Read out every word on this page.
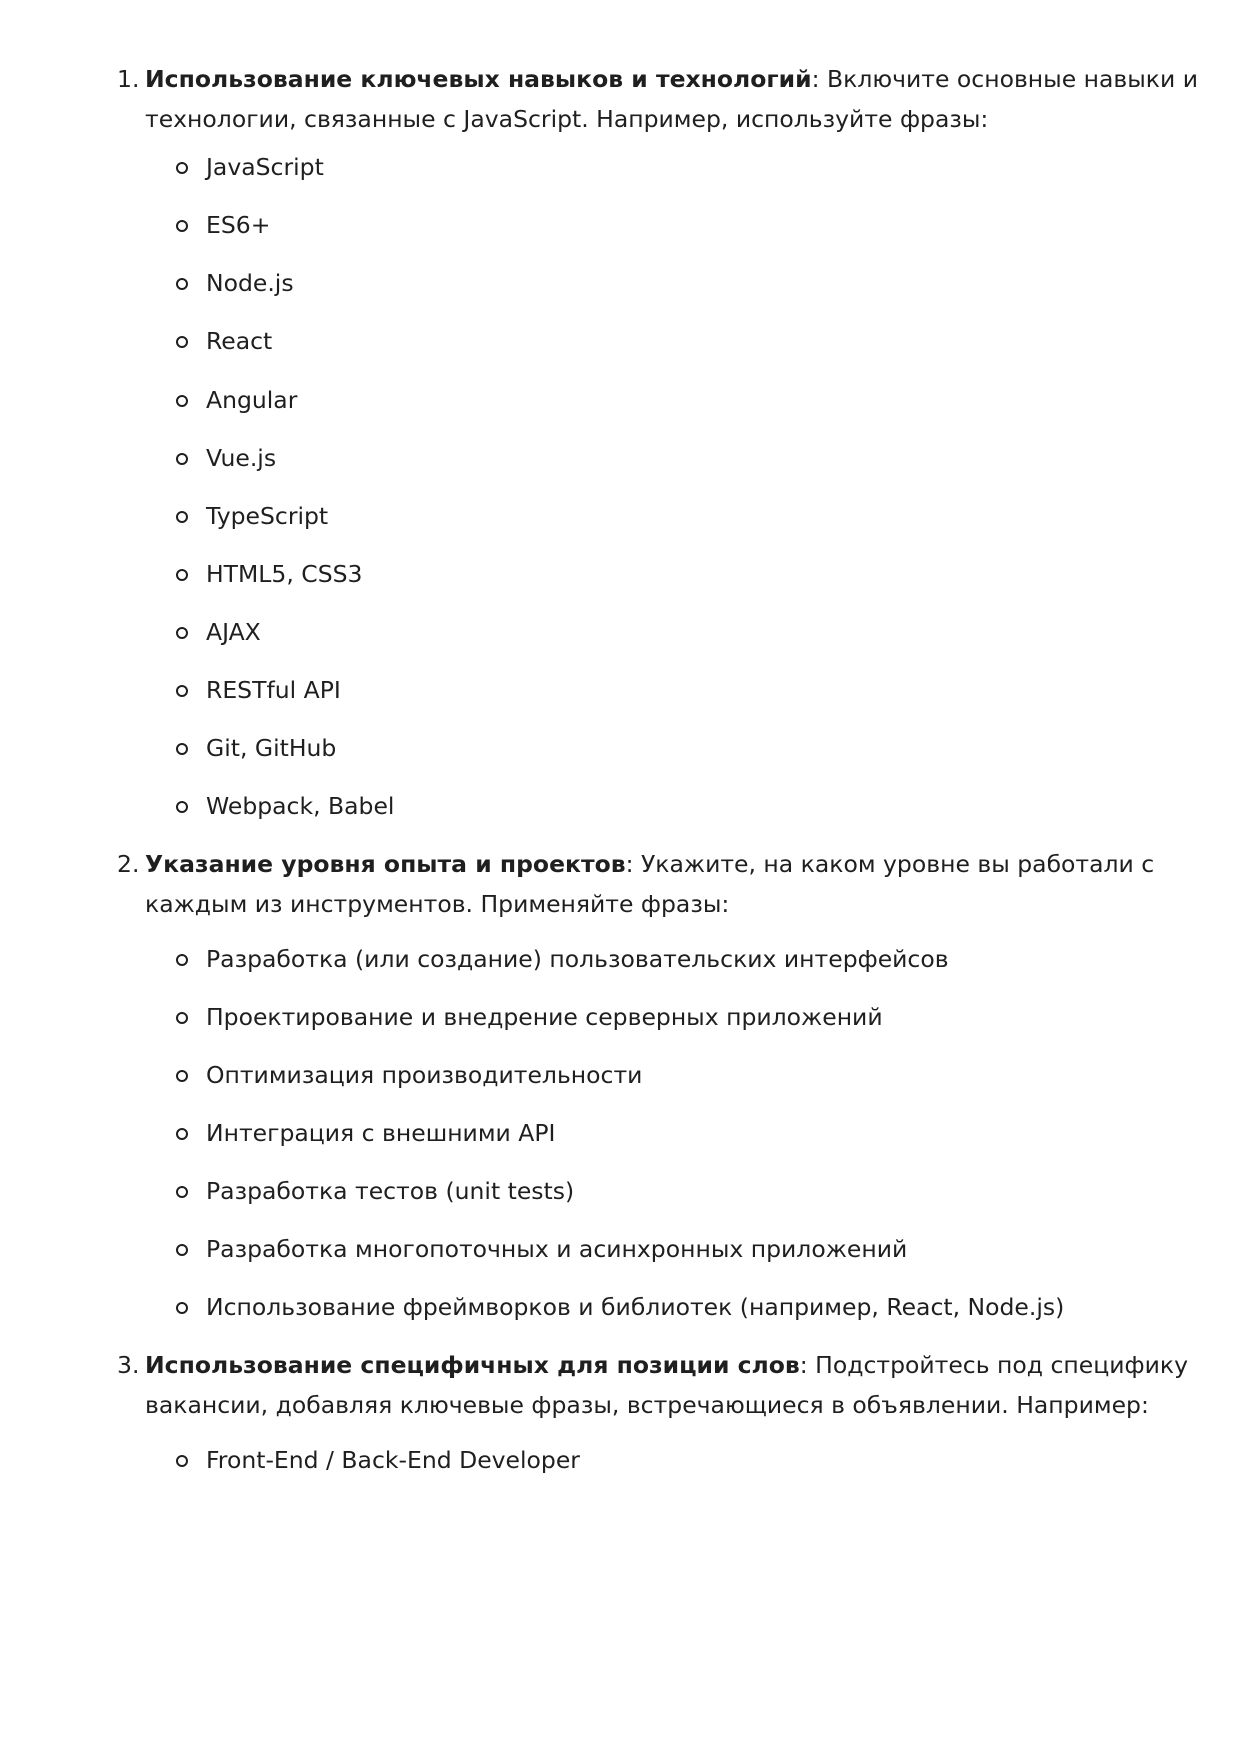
1. Использование ключевых навыков и технологий: Включите основные навыки и
технологии, связанные с JavaScript. Например, используйте фразы:
JavaScript
ES6+
Node.js
React
Angular
Vue.js
TypeScript
HTML5, CSS3
AJAX
RESTful API
Git, GitHub
Webpack, Babel
2. Указание уровня опыта и проектов: Укажите, на каком уровне вы работали с
каждым из инструментов. Применяйте фразы:
Разработка (или создание) пользовательских интерфейсов
Проектирование и внедрение серверных приложений
Оптимизация производительности
Интеграция с внешними API
Разработка тестов (unit tests)
Разработка многопоточных и асинхронных приложений
Использование фреймворков и библиотек (например, React, Node.js)
3. Использование специфичных для позиции слов: Подстройтесь под специфику
вакансии, добавляя ключевые фразы, встречающиеся в объявлении. Например:
Front-End / Back-End Developer
